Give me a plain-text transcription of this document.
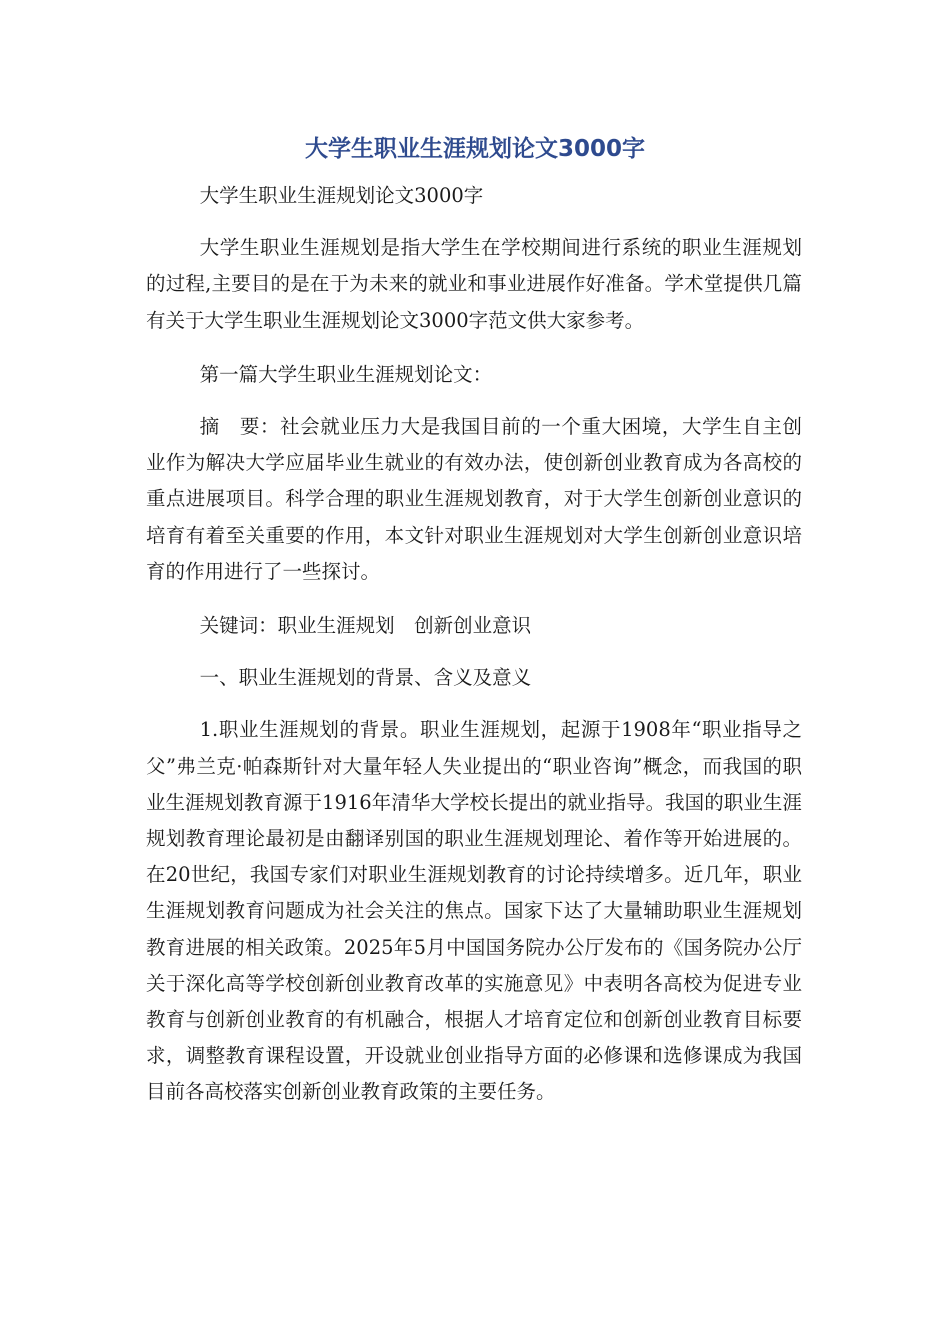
大学生职业生涯规划论文3000字

大学生职业生涯规划论文3000字

大学生职业生涯规划是指大学生在学校期间进行系统的职业生涯规划的过程,主要目的是在于为未来的就业和事业进展作好准备。学术堂提供几篇有关于大学生职业生涯规划论文3000字范文供大家参考。

第一篇大学生职业生涯规划论文：

摘　要：社会就业压力大是我国目前的一个重大困境，大学生自主创业作为解决大学应届毕业生就业的有效办法，使创新创业教育成为各高校的重点进展项目。科学合理的职业生涯规划教育，对于大学生创新创业意识的培育有着至关重要的作用，本文针对职业生涯规划对大学生创新创业意识培育的作用进行了一些探讨。

关键词：职业生涯规划　创新创业意识

一、职业生涯规划的背景、含义及意义

1.职业生涯规划的背景。职业生涯规划，起源于1908年“职业指导之父”弗兰克·帕森斯针对大量年轻人失业提出的“职业咨询”概念，而我国的职业生涯规划教育源于1916年清华大学校长提出的就业指导。我国的职业生涯规划教育理论最初是由翻译别国的职业生涯规划理论、着作等开始进展的。在20世纪，我国专家们对职业生涯规划教育的讨论持续增多。近几年，职业生涯规划教育问题成为社会关注的焦点。国家下达了大量辅助职业生涯规划教育进展的相关政策。2025年5月中国国务院办公厅发布的《国务院办公厅关于深化高等学校创新创业教育改革的实施意见》中表明各高校为促进专业教育与创新创业教育的有机融合，根据人才培育定位和创新创业教育目标要求，调整教育课程设置，开设就业创业指导方面的必修课和选修课成为我国目前各高校落实创新创业教育政策的主要任务。
